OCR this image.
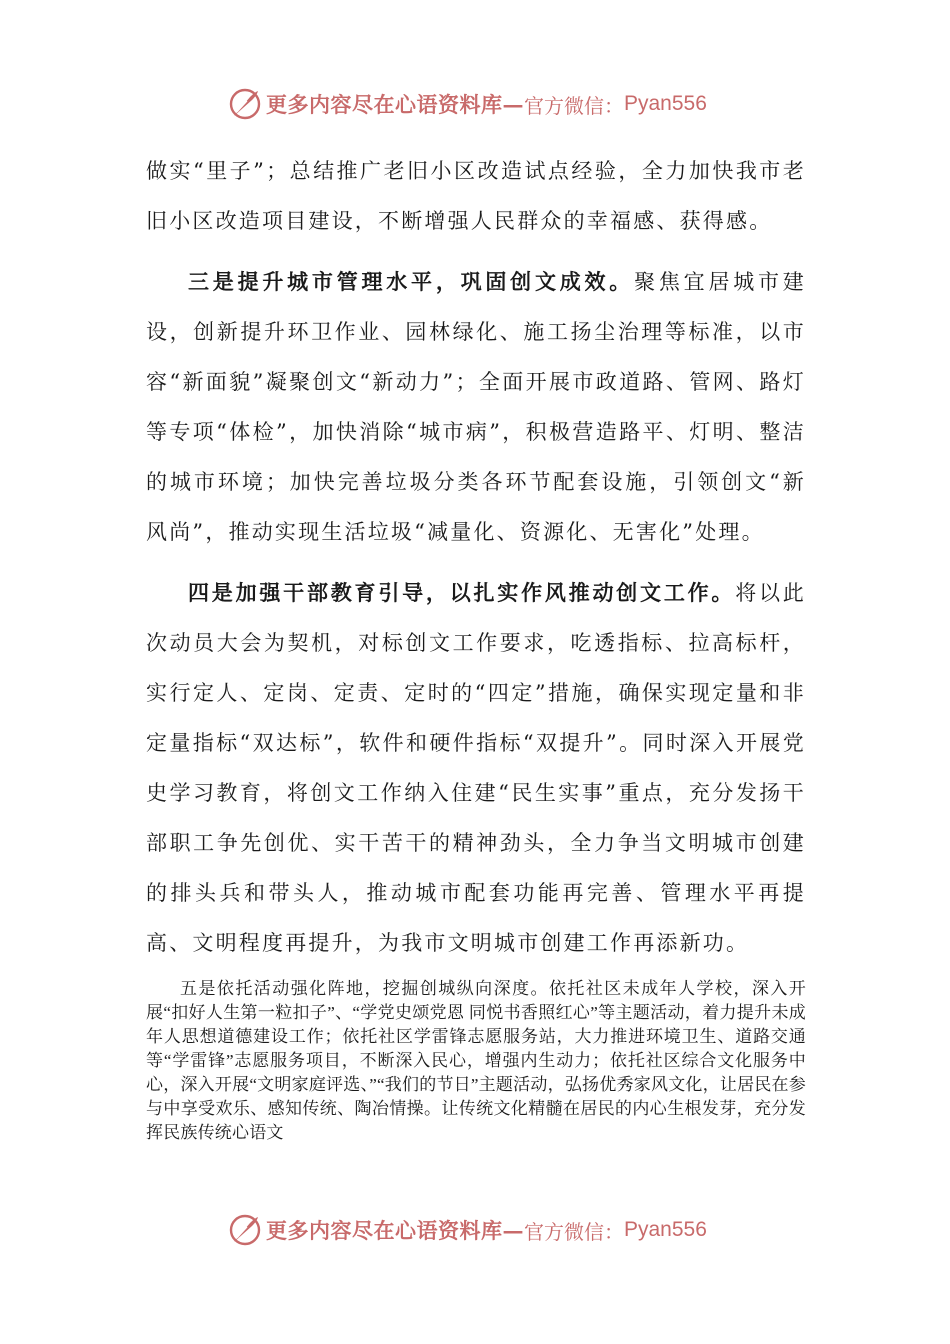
更多内容尽在心语资料库— 官方微信： Pyan556

做实“里子”；总结推广老旧小区改造试点经验，全力加快我市老旧小区改造项目建设，不断增强人民群众的幸福感、获得感。

三是提升城市管理水平，巩固创文成效。聚焦宜居城市建设，创新提升环卫作业、园林绿化、施工扬尘治理等标准，以市容“新面貌”凝聚创文“新动力”；全面开展市政道路、管网、路灯等专项“体检”，加快消除“城市病”，积极营造路平、灯明、整洁的城市环境；加快完善垃圾分类各环节配套设施，引领创文“新风尚”，推动实现生活垃圾“减量化、资源化、无害化”处理。

四是加强干部教育引导，以扎实作风推动创文工作。将以此次动员大会为契机，对标创文工作要求，吃透指标、拉高标杆，实行定人、定岗、定责、定时的“四定”措施，确保实现定量和非定量指标“双达标”，软件和硬件指标“双提升”。同时深入开展党史学习教育，将创文工作纳入住建“民生实事”重点，充分发扬干部职工争先创优、实干苦干的精神劲头，全力争当文明城市创建的排头兵和带头人，推动城市配套功能再完善、管理水平再提高、文明程度再提升，为我市文明城市创建工作再添新功。

五是依托活动强化阵地，挖掘创城纵向深度。依托社区未成年人学校，深入开展“扣好人生第一粒扣子”、“学党史颂党恩 同悦书香照红心”等主题活动，着力提升未成年人思想道德建设工作；依托社区学雷锋志愿服务站，大力推进环境卫生、道路交通等“学雷锋”志愿服务项目，不断深入民心，增强内生动力；依托社区综合文化服务中心，深入开展“文明家庭评选、”“我们的节日”主题活动，弘扬优秀家风文化，让居民在参与中享受欢乐、感知传统、陶冶情操。让传统文化精髓在居民的内心生根发芽，充分发挥民族传统心语文

更多内容尽在心语资料库— 官方微信： Pyan556
